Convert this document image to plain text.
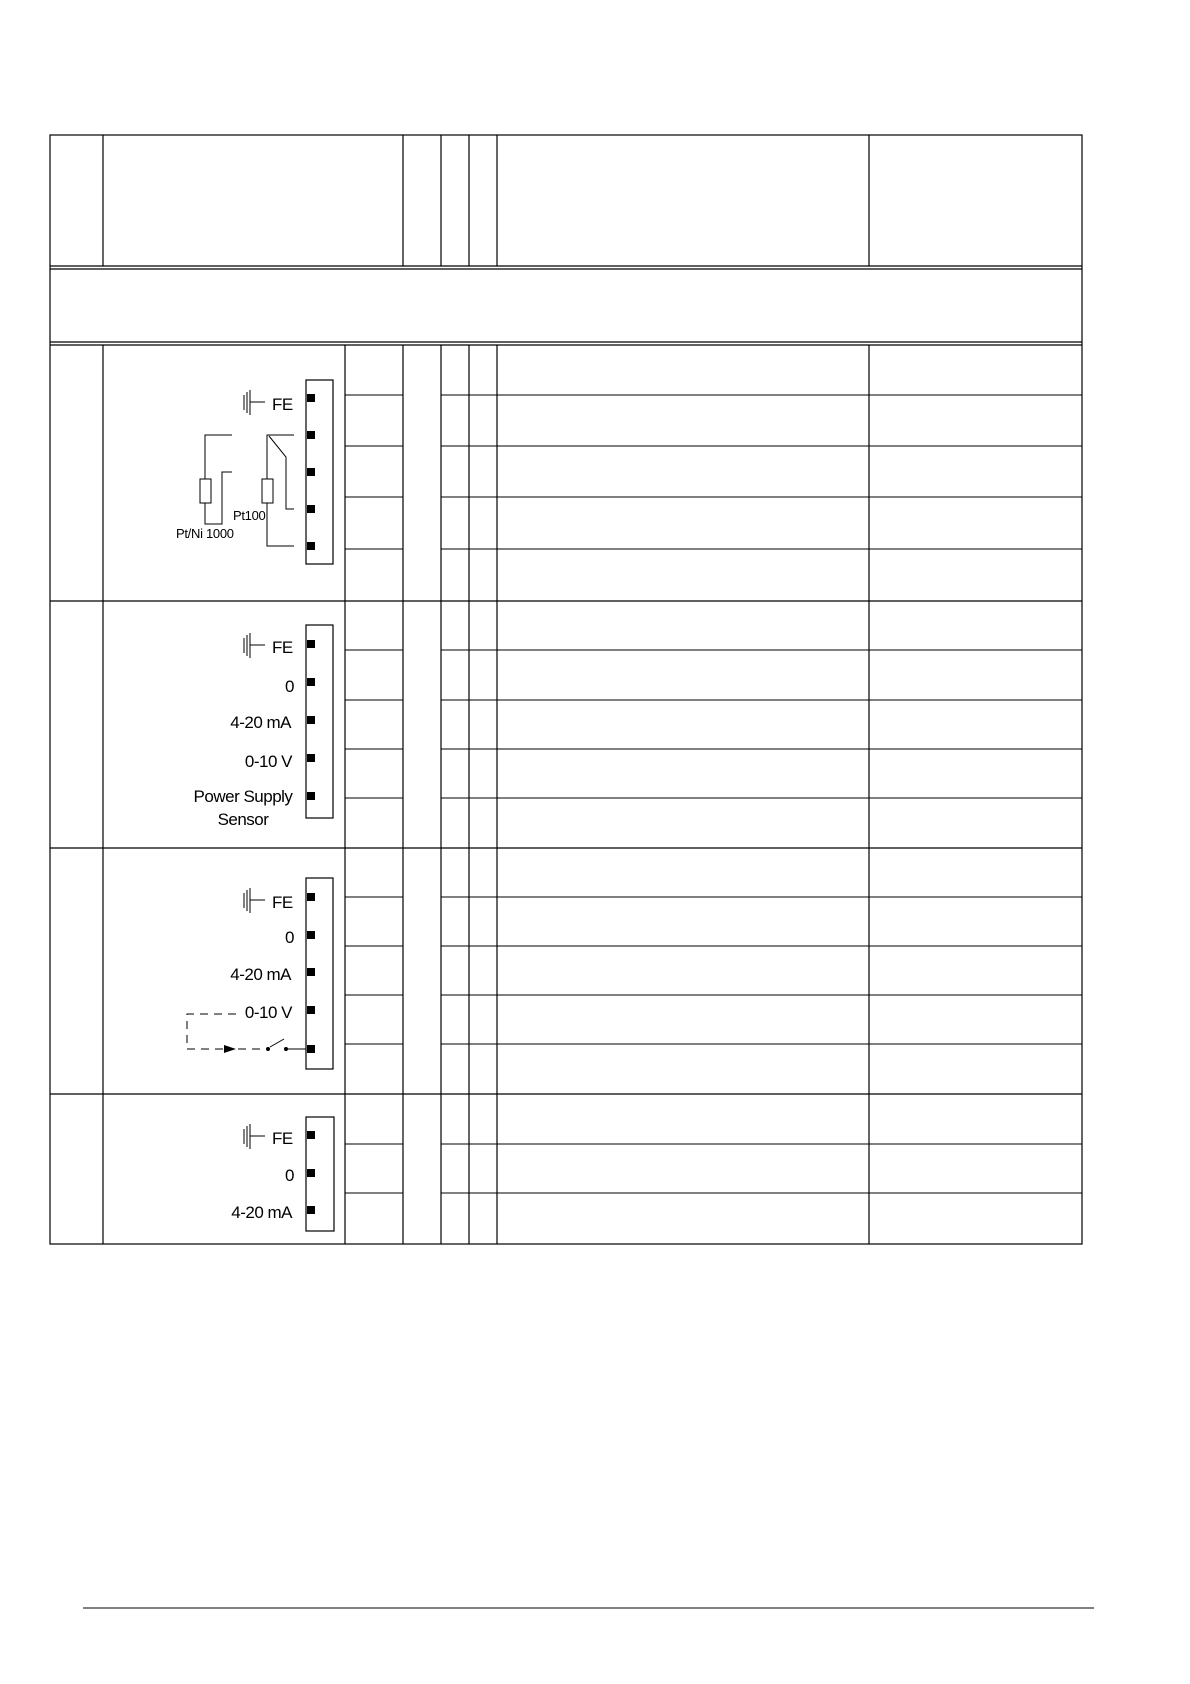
FE
Pt/Ni 1000
Pt100
FE
0
4-20 mA
0-10 V
Power Supply
Sensor
FE
0
4-20 mA
0-10 V
FE
0
4-20 mA
